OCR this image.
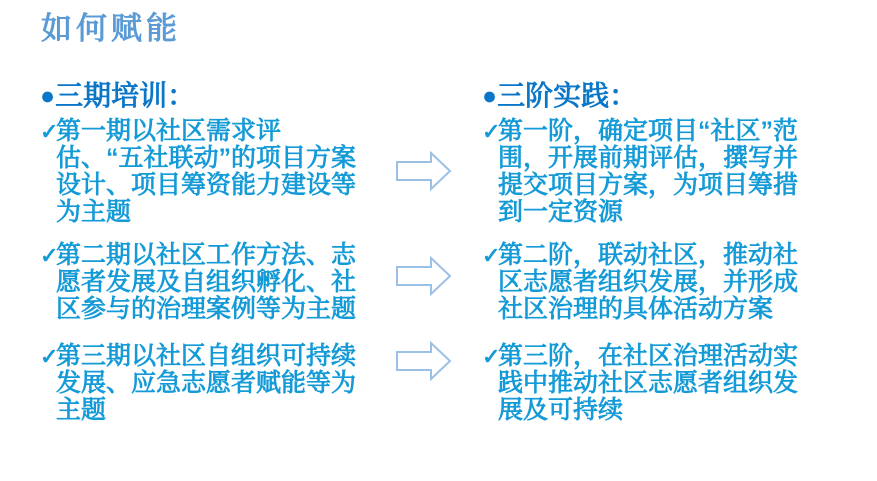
如何赋能
●三期培训：
✓
第一期以社区需求评估、“五社联动”的项目方案设计、项目筹资能力建设等为主题
✓
第二期以社区工作方法、志愿者发展及自组织孵化、社区参与的治理案例等为主题
✓
第三期以社区自组织可持续发展、应急志愿者赋能等为主题
●三阶实践：
✓
第一阶，确定项目“社区”范围，开展前期评估，撰写并提交项目方案，为项目筹措到一定资源
✓
第二阶，联动社区，推动社区志愿者组织发展，并形成社区治理的具体活动方案
✓
第三阶，在社区治理活动实践中推动社区志愿者组织发展及可持续
